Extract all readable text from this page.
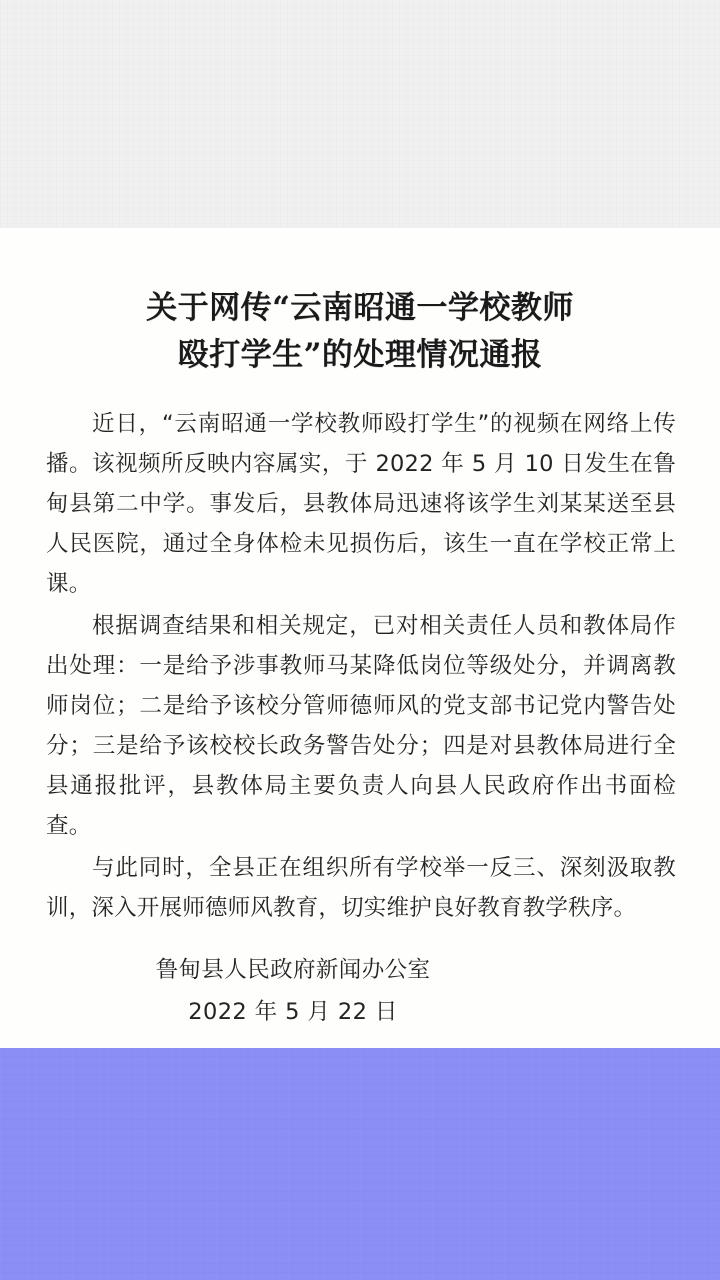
关于网传“云南昭通一学校教师
殴打学生”的处理情况通报

近日，“云南昭通一学校教师殴打学生”的视频在网络上传播。该视频所反映内容属实，于 2022 年 5 月 10 日发生在鲁甸县第二中学。事发后，县教体局迅速将该学生刘某某送至县人民医院，通过全身体检未见损伤后，该生一直在学校正常上课。

根据调查结果和相关规定，已对相关责任人员和教体局作出处理：一是给予涉事教师马某降低岗位等级处分，并调离教师岗位；二是给予该校分管师德师风的党支部书记党内警告处分；三是给予该校校长政务警告处分；四是对县教体局进行全县通报批评，县教体局主要负责人向县人民政府作出书面检查。

与此同时，全县正在组织所有学校举一反三、深刻汲取教训，深入开展师德师风教育，切实维护良好教育教学秩序。

鲁甸县人民政府新闻办公室
2022 年 5 月 22 日
